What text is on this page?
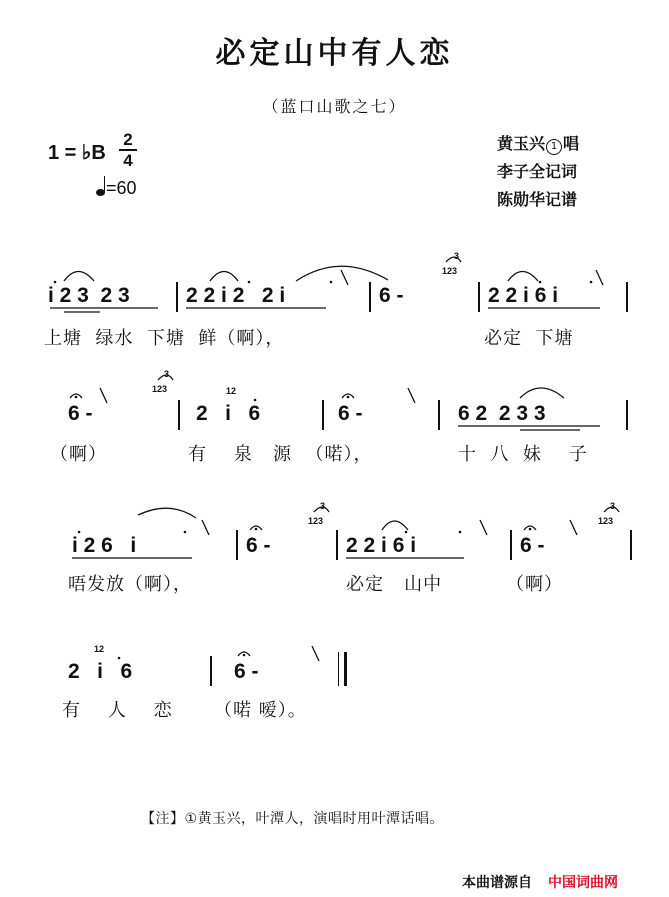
必定山中有人恋
（蓝口山歌之七）
1 = ♭B
2
4
=60
黄玉兴 1 唱
李子全记词
陈勋华记谱
i 2 3  2 3	2 2 i 2   2 i	6 -
123
3
2 2 i 6 i
上塘  绿水  下塘  鲜（啊），	必定  下塘
6 -
123
3
2   i   6
12
6 -	6 2  2 3 3
（啊）	有    泉   源  （喏），	十  八  妹    子
i 2 6   i	6 -
123
3
2 2 i 6 i	6 -
123
3
唔发放（啊），	必定   山中	（啊）
2   i   6
12
6 -
有    人    恋 （喏 嗳）。
【注】①黄玉兴，叶潭人，演唱时用叶潭话唱。
本曲谱源自 中国词曲网
